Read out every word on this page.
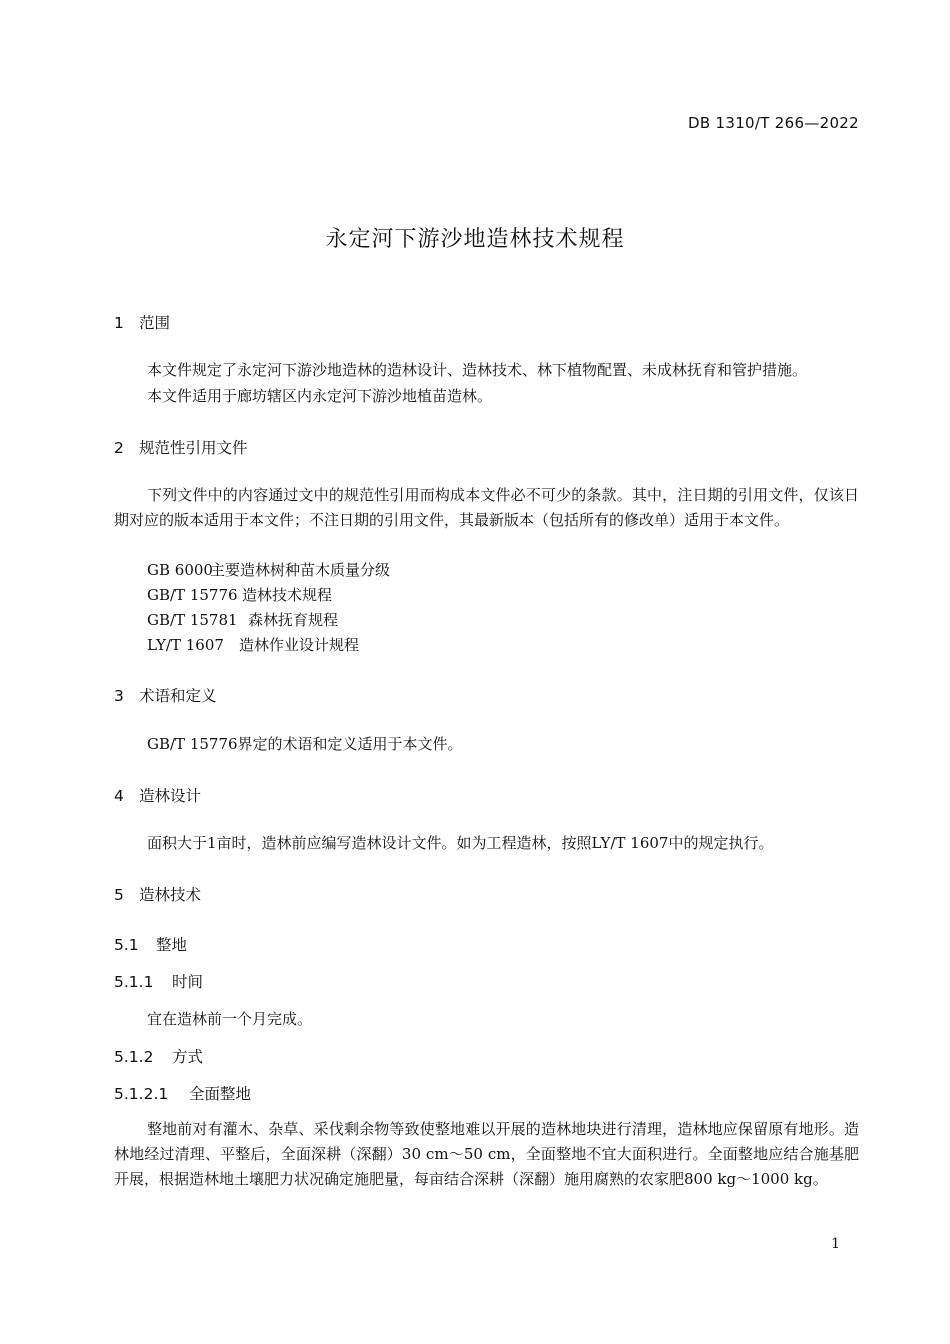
DB 1310/T 266—2022
永定河下游沙地造林技术规程
1 范围
本文件规定了永定河下游沙地造林的造林设计、造林技术、林下植物配置、未成林抚育和管护措施。
本文件适用于廊坊辖区内永定河下游沙地植苗造林。
2 规范性引用文件
下列文件中的内容通过文中的规范性引用而构成本文件必不可少的条款。其中，注日期的引用文件，仅该日期对应的版本适用于本文件；不注日期的引用文件，其最新版本（包括所有的修改单）适用于本文件。
GB 6000主要造林树种苗木质量分级
GB/T 15776 造林技术规程
GB/T 15781 森林抚育规程
LY/T 1607 造林作业设计规程
3 术语和定义
GB/T 15776界定的术语和定义适用于本文件。
4 造林设计
面积大于1亩时，造林前应编写造林设计文件。如为工程造林，按照LY/T 1607中的规定执行。
5 造林技术
5.1 整地
5.1.1 时间
宜在造林前一个月完成。
5.1.2 方式
5.1.2.1 全面整地
整地前对有灌木、杂草、采伐剩余物等致使整地难以开展的造林地块进行清理，造林地应保留原有地形。造林地经过清理、平整后，全面深耕（深翻）30 cm～50 cm，全面整地不宜大面积进行。全面整地应结合施基肥开展，根据造林地土壤肥力状况确定施肥量，每亩结合深耕（深翻）施用腐熟的农家肥800 kg～1000 kg。
1
